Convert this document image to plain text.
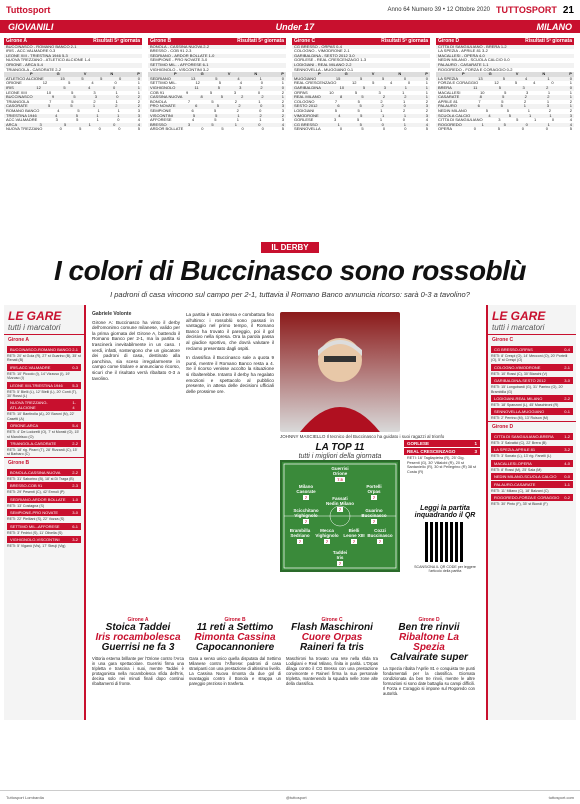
Tuttosport	Anno 64 Numero 39 • 12 Ottobre 2020 TUTTOSPORT 21
GIOVANILI	Under 17	MILANO
Girone A	Risultati 5ª giornata
BUCCINASCO - ROMANO BANCO 2-1
IRIS - ACC.VALMADRE 0-3
LEONE XIII - TRIESTINA 1946 5-3
NUOVA TREZZANO - ATLETICO ALCIONE 1-4
ORIONE - ARCA 5-4
TRIANGOLA - CASORATE 2-2
P	G	V	N	P
ATLETICO ALCIONE	15	5	5	0	0
ORIONE	12	5	4	0	1
IRIS	12	5	4	0	1
LEONE XIII	10	5	3	1	1
BUCCINASCO	9	5	3	0	2
TRIANGOLA	7	5	2	1	2
CASORATE	5	5	1	2	2
ROMANO BANCO	4	5	1	1	3
TRIESTINA 1946	4	5	1	1	3
ACC.VALMADRE	3	5	1	0	4
ARCA	3	5	1	0	4
NUOVA TREZZANO	0	5	0	0	5
Girone B	Risultati 5ª giornata
BONOLA - CASSINA NUOVA 2-2
BRESSO - COB 91 2-3
SEDRIANO - ARDOR BOLLATE 1-0
SEMPIONE - PRO NOVATE 3-0
SETTIMO MIL. - AFFORESE 6-1
VIGHIGNOLO - VISCONTINI 3-2
P	G	V	N	P
SEDRIANO	13	5	4	1	0
SETTIMO MIL.	12	5	4	0	1
VIGHIGNOLO	11	5	3	2	0
COB 91	9	5	3	0	2
CASSINA NUOVA	8	5	2	2	1
BONOLA	7	5	2	1	2
PRO NOVATE	6	5	2	0	3
SEMPIONE	6	5	2	0	3
VISCONTINI	5	5	1	2	2
AFFORESE	4	5	1	1	3
BRESSO	3	5	1	0	4
ARDOR BOLLATE	0	5	0	0	5
Girone C	Risultati 5ª giornata
CG BRESSO - ORPAS 0-4
COLOGNO - VIMODRONE 2-1
GARIBALDINA - SESTO 2012 3-0
GORLESE - REAL CRESCENZAGO 1-3
LODIGIANI - REAL MILANO 2-2
SENNOVELLA - MUGGIANO 0-1
P	G	V	N	P
MUGGIANO	15	5	5	0	0
REAL CRESCENZAGO	12	5	4	0	1
GARIBALDINA	10	5	3	1	1
ORPAS	10	5	3	1	1
REAL MILANO	8	5	2	2	1
COLOGNO	7	5	2	1	2
SESTO 2012	6	5	2	0	3
LODIGIANI	5	5	1	2	2
VIMODRONE	4	5	1	1	3
GORLESE	3	5	1	0	4
CG BRESSO	1	5	0	1	4
SENNOVELLA	0	5	0	0	5
Girone D	Risultati 5ª giornata
CITTA DI SANGIULIANO - BRERA 1-2
LA SPEZIA - APRILE 81 3-2
MACALLESI - OPERA 4-0
NEDIN MILANO - SCUOLA CALCIO 0-0
PALAURO - CASARATE 1-1
ROGOREDO - FORZA E CORAGGIO 0-2
P	G	V	N	P
LA SPEZIA	13	5	4	1	0
FORZA E CORAGGIO	12	5	4	0	1
BRERA	11	5	3	2	0
MACALLESI	10	5	3	1	1
CASARATE	8	5	2	2	1
APRILE 81	7	5	2	1	2
PALAURO	6	5	1	3	1
NEDIN MILANO	5	5	1	2	2
SCUOLA CALCIO	4	5	1	1	3
CITTA DI SANGIULIANO	3	5	1	0	4
ROGOREDO	1	5	0	1	4
OPERA	0	5	0	0	5
IL DERBY
I colori di Buccinasco sono rossoblù
I padroni di casa vincono sul campo per 2-1, tuttavia il Romano Banco annuncia ricorso: sarà 0-3 a tavolino?
LE GARE
tutti i marcatori
Girone A
BUCCINASCO-ROMANO BANCO 2-1
RETI: 20' st Gola (R), 27' st Guarino (B), 35' st Renati (B)
IRIS-ACC.VALMADRE	0-3
RETI: 10' Piccolo (I), 14' Vizzuso (I), 19' Vizzuso (I)
LEONE XIII-TRIESTINA 1946 5-3
RETI: 5' Bielli (L), 12' Bielli (L), 20' Conti (T), 30' Rossi (L)
NUOVA TREZZANO-ATL.ALCIONE
1-4
RETI: 10' Bantirolla (A), 20' Baroni (N), 22' Casetti (A)
ORIONE-ARCA	5-4
RETI: 4' De Lodorelli (O), 7' st Monsti (O), 15' st Mandrisco (O)
TRIANGOLA-CASORATE	2-2
RETI: 18' rig. Pirarri (T), 28' Rizzardi (C), 15' st Barbaro (C)
Girone B
BONOLA-CASSINA NUOVA	2-2
RETI: 31' Saborino (B), 18' st Di Traga (B)
BRESSO-COB 91	2-3
RETI: 29' Pesenti (C), 42' Ermoli (P)
SEDRIANO-ARDOR BOLLATE 1-0
RETI: 13' Costagna (S)
SEMPIONE-PRO NOVATE	3-0
RETI: 22' Pielliani (S), 22' Vozza (S)
SETTIMO MIL.-AFFORESE	6-1
RETI: 3' Fedrici (S), 11' Olivella (S)
VIGHIGNOLO-VISCONTINI	3-2
RETI: 5' Viganò (Vis), 17' Steuji (Vig)
Gabriele Volonte
Girone A: Buccinasco ha vinto il derby dell'omonimo comune milanese, valido per la prima giornata del Girone A, battendo il Romano Banco per 2-1, ma la partita si trascinerà inevitabilmente in un caso. I verdi, infatti, sostengono che un giocatore dei padroni di casa, destinato alla panchina, sia sceso irregolarmente in campo come titolare e annunciano ricorso, sicuri che il risultato verrà ribaltato 0-3 a tavolino.
La partita è stata intensa e combattuta fino all'ultimo: i rossoblù sono passati in vantaggio nel primo tempo, il Romano Banco ha trovato il pareggio, poi il gol decisivo nella ripresa. Ora la parola passa al giudice sportivo, che dovrà valutare il reclamo presentato dagli ospiti.
In classifica il Buccinasco sale a quota 9 punti, mentre il Romano Banco resta a 4. Se il ricorso venisse accolto la situazione si ribalterebbe. Intanto il derby ha regalato emozioni e spettacolo al pubblico presente, in attesa delle decisioni ufficiali delle prossime ore.
JOHNNY MASCIELLO Il tecnico del Buccinasco ha guidato i suoi ragazzi al trionfo
LA TOP 11
tutti i migliori della giornata
Guerrisi
Orione
7.5
Milano
Casorate
7
Portelli
Orpas
7
Fassati
Nedin Milano
7
Scicchitano
Vighignolo
7
Guarino
Buccinasco
7
Brambilla
Sedriano
7
Mecca
Vighignolo
7
Bielli
Leone XIII
7
Cozzi
Buccinasco
7
Taddei
Iris
7
GORLESE	1
REAL CRESCENZAGO	3
RETI: 16' Tagliapietra (R), 25' Gig. Pesenti (G), 30' Villalobi (R), 20 st Santaniello (R), 30 st Pellegrino (R) 38 st Costa (R)
Leggi la partita inquadrando il QR
SCANSIONA IL QR CODE per leggere l'articolo della partita
LE GARE
tutti i marcatori
Girone C
CG BRESSO-ORPAS	0-4
RETI: 8' Crespi (O), 14' Mecconi (O), 20' Portelli (O), 5' st Crespi (O)
COLOGNO-VIMODRONE	2-1
RETI: 10' Rossi (C), 30' Bianchi (V)
GARIBALDINA-SESTO 2012	3-0
RETI: 15' Longobardi (G), 31' Parrino (G), 20' Brambilla (G)
LODIGIANI-REAL MILANO	2-2
RETI: 18' Spanzoni (L), 45' Maschironi (R)
SENNOVELLA-MUGGIANO	0-1
RETI: 2' Perrino (M), 13' Ruison (M)
Girone D
CITTA DI SANGIULIANO-BRERA	1-2
RETI: 3' Salvatici (C), 22' Brera (B)
LA SPEZIA-APRILE 81	3-2
RETI: 3' Sonato (L), 13' rig. Fanelli (L)
MACALLESI-OPERA	4-0
RETI: 8' Rossi (M), 25' Sala (M)
NEDIN MILANO-SCUOLA CALCIO 0-0
PALAURO-CASARATE	1-1
RETI: 11' Milano (C), 18' Balzani (C)
ROGOREDO-FORZA E CORAGGIO 0-2
RETI: 30' Pinto (F), 35' st Biondi (F)
Girone A
Stoica Taddei
Iris rocambolesca
Guerrisi ne fa 3
Vittoria esterna brillante per l'Orione contro l'Arca in una gara spettacolare. Guerrisi firma una tripletta e trascina i suoi, mentre Taddei è protagonista nella rocambolesca sfida dell'Iris, decisa solo nei minuti finali dopo continui ribaltamenti di fronte.
Girone B
11 reti a Settimo
Rimonta Cassina
Capocannoniere
Gara a senso unico quella disputata dal Settimo Milanese contro l'Afforese: padroni di casa straripanti con una prestazione di altissimo livello. La Cassina Nuova rimonta da due gol di svantaggio contro il Bonola e strappa un pareggio prezioso in trasferta.
Girone C
Flash Maschironi
Cuore Orpas
Raineri fa tris
Maschironi ha trovato una rete nella sfida tra Lodigiani e Real Milano, finita in parità. L'Orpas dilaga contro il CG Bresso con una prestazione convincente e Raineri firma la sua personale tripletta, mantenendo la squadra nelle zone alte della classifica.
Girone D
Ben tre rinvii
Ribaltone La Spezia
Calvairate super
La Spezia ribalta l'Aprile 81 e conquista tre punti fondamentali per la classifica. Giornata condizionata da ben tre rinvii, mentre le altre formazioni si sono date battaglia su campi difficili. Il Forza e Coraggio si impone sul Rogoredo con autorità.
Tuttosport Lombardia	@tuttosport	tuttosport.com
